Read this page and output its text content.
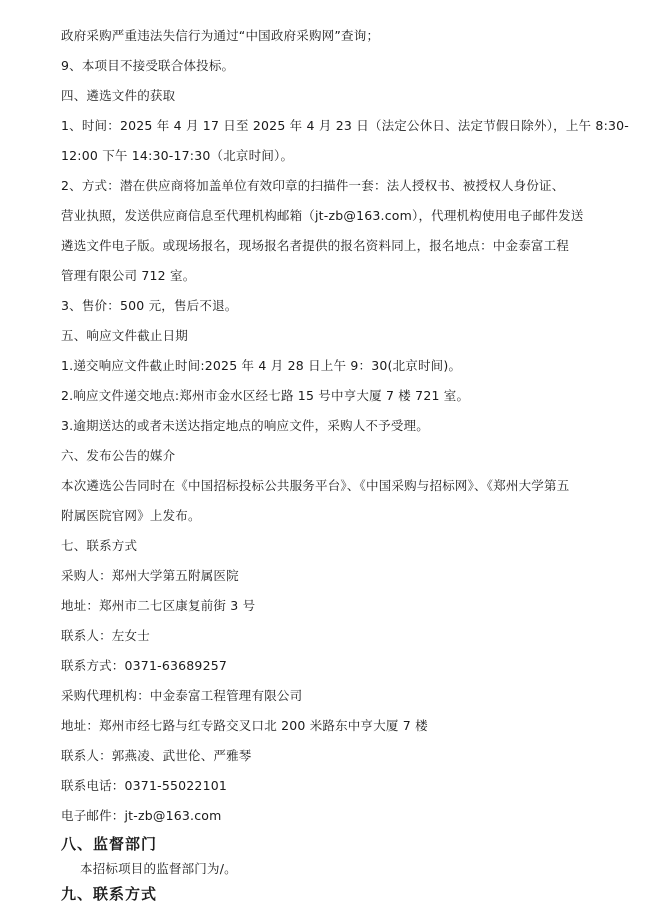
政府采购严重违法失信行为通过“中国政府采购网”查询；
9、本项目不接受联合体投标。
四、遴选文件的获取
1、时间：2025 年 4 月 17 日至 2025 年 4 月 23 日（法定公休日、法定节假日除外），上午 8:30-
12:00 下午 14:30-17:30（北京时间）。
2、方式：潜在供应商将加盖单位有效印章的扫描件一套：法人授权书、被授权人身份证、
营业执照，发送供应商信息至代理机构邮箱（jt-zb@163.com），代理机构使用电子邮件发送
遴选文件电子版。或现场报名，现场报名者提供的报名资料同上，报名地点：中金泰富工程
管理有限公司 712 室。
3、售价：500 元，售后不退。
五、响应文件截止日期
1.递交响应文件截止时间:2025 年 4 月 28 日上午 9：30(北京时间)。
2.响应文件递交地点:郑州市金水区经七路 15 号中亨大厦 7 楼 721 室。
3.逾期送达的或者未送达指定地点的响应文件，采购人不予受理。
六、发布公告的媒介
本次遴选公告同时在《中国招标投标公共服务平台》、《中国采购与招标网》、《郑州大学第五
附属医院官网》上发布。
七、联系方式
采购人：郑州大学第五附属医院
地址：郑州市二七区康复前街 3 号
联系人：左女士
联系方式：0371-63689257
采购代理机构：中金泰富工程管理有限公司
地址：郑州市经七路与红专路交叉口北 200 米路东中亨大厦 7 楼
联系人：郭燕凌、武世伦、严雅琴
联系电话：0371-55022101
电子邮件：jt-zb@163.com
八、监督部门
本招标项目的监督部门为/。
九、联系方式
